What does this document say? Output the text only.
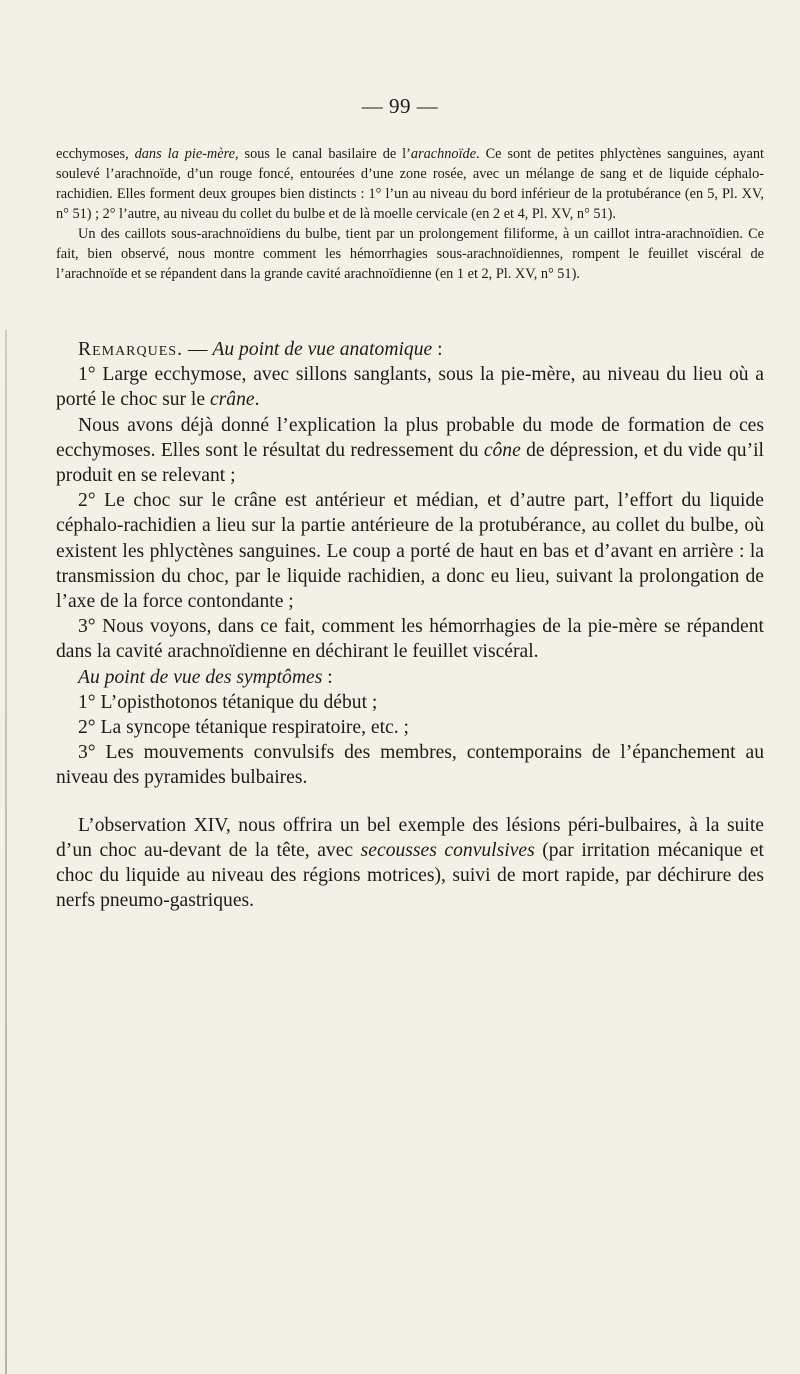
— 99 —

ecchymoses, dans la pie-mère, sous le canal basilaire de l’arachnoïde. Ce sont de petites phlyctènes sanguines, ayant soulevé l’arachnoïde, d’un rouge foncé, entourées d’une zone rosée, avec un mélange de sang et de liquide céphalo-rachidien. Elles forment deux groupes bien distincts : 1° l’un au niveau du bord inférieur de la protubérance (en 5, Pl. XV, n° 51) ; 2° l’autre, au niveau du collet du bulbe et de là moelle cervicale (en 2 et 4, Pl. XV, n° 51).

Un des caillots sous-arachnoïdiens du bulbe, tient par un prolongement filiforme, à un caillot intra-arachnoïdien. Ce fait, bien observé, nous montre comment les hémorrhagies sous-arachnoïdiennes, rompent le feuillet viscéral de l’arachnoïde et se répandent dans la grande cavité arachnoïdienne (en 1 et 2, Pl. XV, n° 51).

Remarques. — Au point de vue anatomique :

1° Large ecchymose, avec sillons sanglants, sous la pie-mère, au niveau du lieu où a porté le choc sur le crâne.

Nous avons déjà donné l’explication la plus probable du mode de formation de ces ecchymoses. Elles sont le résultat du redressement du cône de dépression, et du vide qu’il produit en se relevant ;

2° Le choc sur le crâne est antérieur et médian, et d’autre part, l’effort du liquide céphalo-rachidien a lieu sur la partie antérieure de la protubérance, au collet du bulbe, où existent les phlyctènes sanguines. Le coup a porté de haut en bas et d’avant en arrière : la transmission du choc, par le liquide rachidien, a donc eu lieu, suivant la prolongation de l’axe de la force contondante ;

3° Nous voyons, dans ce fait, comment les hémorrhagies de la pie-mère se répandent dans la cavité arachnoïdienne en déchirant le feuillet viscéral.

Au point de vue des symptômes :

1° L’opisthotonos tétanique du début ;

2° La syncope tétanique respiratoire, etc. ;

3° Les mouvements convulsifs des membres, contemporains de l’épanchement au niveau des pyramides bulbaires.

L’observation XIV, nous offrira un bel exemple des lésions péri-bulbaires, à la suite d’un choc au-devant de la tête, avec secousses convulsives (par irritation mécanique et choc du liquide au niveau des régions motrices), suivi de mort rapide, par déchirure des nerfs pneumo-gastriques.
